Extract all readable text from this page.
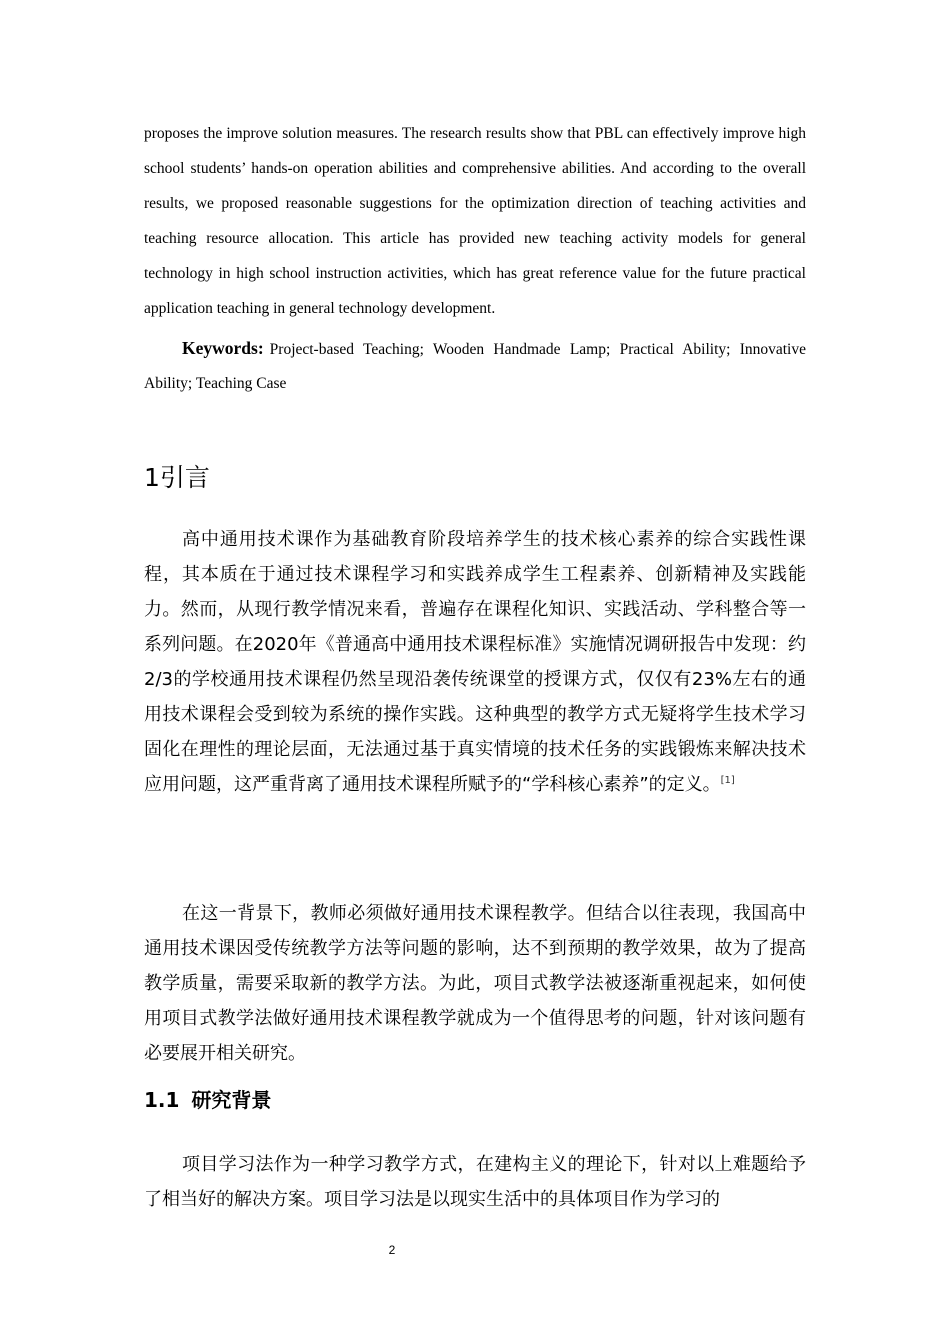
proposes the improve solution measures. The research results show that PBL can effectively improve high school students’ hands-on operation abilities and comprehensive abilities. And according to the overall results, we proposed reasonable suggestions for the optimization direction of teaching activities and teaching resource allocation. This article has provided new teaching activity models for general technology in high school instruction activities, which has great reference value for the future practical application teaching in general technology development.

Keywords: Project-based Teaching; Wooden Handmade Lamp; Practical Ability; Innovative Ability; Teaching Case

1引言

高中通用技术课作为基础教育阶段培养学生的技术核心素养的综合实践性课程，其本质在于通过技术课程学习和实践养成学生工程素养、创新精神及实践能力。然而，从现行教学情况来看，普遍存在课程化知识、实践活动、学科整合等一系列问题。在2020年《普通高中通用技术课程标准》实施情况调研报告中发现：约2/3的学校通用技术课程仍然呈现沿袭传统课堂的授课方式，仅仅有23%左右的通用技术课程会受到较为系统的操作实践。这种典型的教学方式无疑将学生技术学习固化在理性的理论层面，无法通过基于真实情境的技术任务的实践锻炼来解决技术应用问题，这严重背离了通用技术课程所赋予的“学科核心素养”的定义。[1]

在这一背景下，教师必须做好通用技术课程教学。但结合以往表现，我国高中通用技术课因受传统教学方法等问题的影响，达不到预期的教学效果，故为了提高教学质量，需要采取新的教学方法。为此，项目式教学法被逐渐重视起来，如何使用项目式教学法做好通用技术课程教学就成为一个值得思考的问题，针对该问题有必要展开相关研究。

1.1 研究背景

项目学习法作为一种学习教学方式，在建构主义的理论下，针对以上难题给予了相当好的解决方案。项目学习法是以现实生活中的具体项目作为学习的

2
